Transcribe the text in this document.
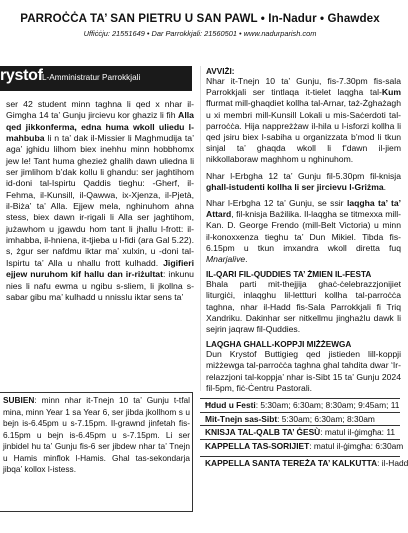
PARROĊĊA TA’ SAN PIETRU U SAN PAWL • In-Nadur • Ghawdex
Uffiċċju: 21551649 • Dar Parrokkjali: 21560501 • www.nadurparish.com
rystof L-Amministratur Parrokkjali

ser 42 student minn taghna li qed x nhar il-Gimgha 14 ta’ Gunju jircievu kor ghaziz li fih Alla qed jikkonferma, edna huma wkoll uliedu l-mahbuba li n ta’ dak il-Missier li Maghmudija ta’ aga’ jghidu lilhom biex inehhu minn hobbhomx jew le! Tant huma ghezież ghalih dawn uliedna li ser jimlihom b’dak kollu li ghandu: ser jaghtihom id-doni tal-Ispirtu Qaddis tieghu: -Gherf, il-Fehma, il-Kunsill, il-Qawwa, ix-Xjenza, il-Pjetà, il-Biża’ ta’ Alla. Ejjew mela, nghinuhom ahna stess, biex dawn ir-rigali li Alla ser jaghtihom, jużawhom u jgawdu hom tant li jhallu l-frott: il-imhabba, il-hniena, it-tjieba u l-fidi (ara Gal 5.22). s, żgur ser nafdmu iktar ma’ xulxin, u -doni tal-Ispirtu ta’ Alla u nhallu frott kulhadd. Jigifieri ejjew nuruhom kif hallu dan ir-riżultat: inkunu nies li nafu ewma u ngibu s-sliem, li jkollna s-sabar gibu ma’ kulhadd u nnisslu iktar sens ta’

AVVIŻI:

Nhar it-Tnejn 10 ta’ Gunju, fis-7.30pm fis-sala Parrokkjali ser tintlaqa it-tielet laqgha tal-Kum ffurmat mill-ghaqdiet kollha tal-Arnar, taż-Żghażagh u xi membri mill-Kunsill Lokali u mis-Saċerdoti tal-parroċċa. Hija nappreżżaw il-hila u l-isforzi kollha li qed jsiru biex l-sabiha u organizzata b’mod li tkun sinjal ta’ ghaqda wkoll li f’dawn il-jiem nikkollaboraw maghhom u nghinuhom.

Nhar l-Erbgha 12 ta’ Gunju fil-5.30pm fil-knisja ghall-istudenti kollha li ser jircievu l-Griżma.

Nhar l-Erbgha 12 ta’ Gunju, se ssir laqgha ta’ ta’ Attard, fil-knisja Bażilika. Il-laqgha se titmexxa mill-Kan. D. George Frendo (mill-Belt Victoria) u minn il-konoxxenza tieghu ta’ Dun Mikiel. Tibda fis-6.15pm u tkun imxandra wkoll diretta fuq Mnarjalive.

IL-QARI FIL-QUDDIES TA’ ŻMIEN IL-FESTA

Bhala parti mit-thejjija ghaċ-ċelebrazzjonijiet liturgiċi, inlaqghu lil-lettturi kollha tal-parroċċa taghna, nhar il-Hadd fis-Sala Parrokkjali fi Triq Xandriku. Dakinhar ser nitkellmu jinghażlu dawk li sejrin jaqraw fil-Quddies.

LAQGHA GHALL-KOPPJI MIŻŻEWGA

Dun Krystof Buttigieg qed jistieden lill-koppji miżżewga tal-parroċċa taghna ghal tahdita dwar ‘Ir-relazzjoni tal-koppja’ nhar is-Sibt 15 ta’ Gunju 2024 fil-5pm, fiċ-Ċentru Pastorali.

SUBIEN: minn nhar it-Tnejn 10 ta’ Gunju t-tfal mina, minn Year 1 sa Year 6, ser jibda jkollhom s u bejn is-6.45pm u s-7.15pm. Il-grawnd jinfetah fis-6.15pm u bejn is-6.45pm u s-7.15pm. Li ser jinbidel hu ta’ Gunju fis-6 ser jibdew nhar ta’ Tnejn u Hamis minflok l-Hamis. Ghal tas-sekondarja jibqa’ kollox l-istess.
Ħdud u Festi: 5:30am; 6:30am; 8:30am; 9:45am; 11
Mit-Tnejn sas-Sibt: 5:30am; 6:30am; 8:30am
KNISJA TAL-QALB TA’ ĠESÙ: matul il-ġimgħa: 11
KAPPELLA TAS-SORIJIET: matul il-ġimgħa: 6:30am
KAPPELLA SANTA TEREŻA TA’ KALKUTTA: il-Hadd
